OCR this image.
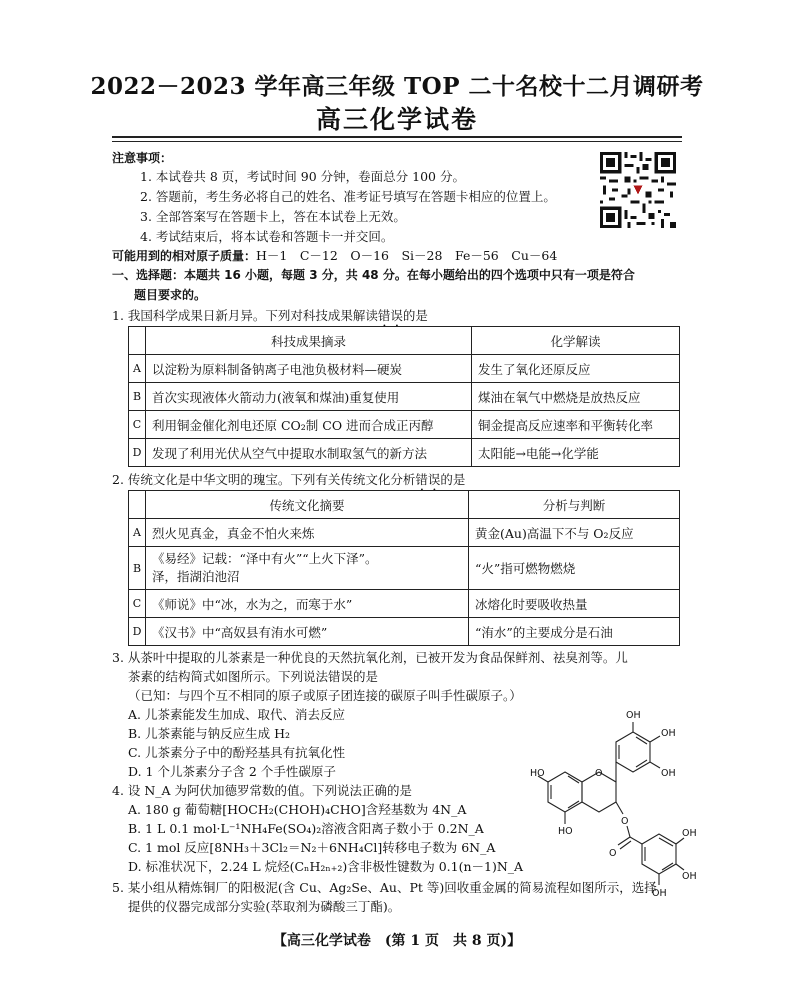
2022－2023 学年高三年级 TOP 二十名校十二月调研考
高三化学试卷
注意事项：
1. 本试卷共 8 页，考试时间 90 分钟，卷面总分 100 分。
2. 答题前，考生务必将自己的姓名、准考证号填写在答题卡相应的位置上。
3. 全部答案写在答题卡上，答在本试卷上无效。
4. 考试结束后，将本试卷和答题卡一并交回。
可能用到的相对原子质量：H－1　C－12　O－16　Si－28　Fe－56　Cu－64
一、选择题：本题共 16 小题，每题 3 分，共 48 分。在每小题给出的四个选项中只有一项是符合
题目要求的。
1. 我国科学成果日新月异。下列对科技成果解读错误的是
	科技成果摘录	化学解读
A	以淀粉为原料制备钠离子电池负极材料—硬炭	发生了氧化还原反应
B	首次实现液体火箭动力(液氧和煤油)重复使用	煤油在氧气中燃烧是放热反应
C	利用铜金催化剂电还原 CO₂制 CO 进而合成正丙醇	铜金提高反应速率和平衡转化率
D	发现了利用光伏从空气中提取水制取氢气的新方法	太阳能→电能→化学能
2. 传统文化是中华文明的瑰宝。下列有关传统文化分析错误的是
	传统文化摘要	分析与判断
A	烈火见真金，真金不怕火来炼	黄金(Au)高温下不与 O₂反应
B	《易经》记载：“泽中有火”“上火下泽”。
泽，指湖泊池沼	“火”指可燃物燃烧
C	《师说》中“冰，水为之，而寒于水”	冰熔化时要吸收热量
D	《汉书》中“高奴县有洧水可燃”	“洧水”的主要成分是石油
3. 从茶叶中提取的儿茶素是一种优良的天然抗氧化剂，已被开发为食品保鲜剂、祛臭剂等。儿
茶素的结构简式如图所示。下列说法错误的是
（已知：与四个互不相同的原子或原子团连接的碳原子叫手性碳原子。）
A. 儿茶素能发生加成、取代、消去反应
B. 儿茶素能与钠反应生成 H₂
C. 儿茶素分子中的酚羟基具有抗氧化性
D. 1 个儿茶素分子含 2 个手性碳原子
OH
OH
OH
HO	O
HO
O
O
OH
OH
OH
4. 设 N_A 为阿伏加德罗常数的值。下列说法正确的是
A. 180 g 葡萄糖[HOCH₂(CHOH)₄CHO]含羟基数为 4N_A
B. 1 L 0.1 mol·L⁻¹NH₄Fe(SO₄)₂溶液含阳离子数小于 0.2N_A
C. 1 mol 反应[8NH₃＋3Cl₂＝N₂＋6NH₄Cl]转移电子数为 6N_A
D. 标准状况下，2.24 L 烷烃(CₙH₂ₙ₊₂)含非极性键数为 0.1(n－1)N_A
5. 某小组从精炼铜厂的阳极泥(含 Cu、Ag₂Se、Au、Pt 等)回收重金属的简易流程如图所示，选择
提供的仪器完成部分实验(萃取剂为磷酸三丁酯)。
【高三化学试卷　(第 1 页　共 8 页)】
